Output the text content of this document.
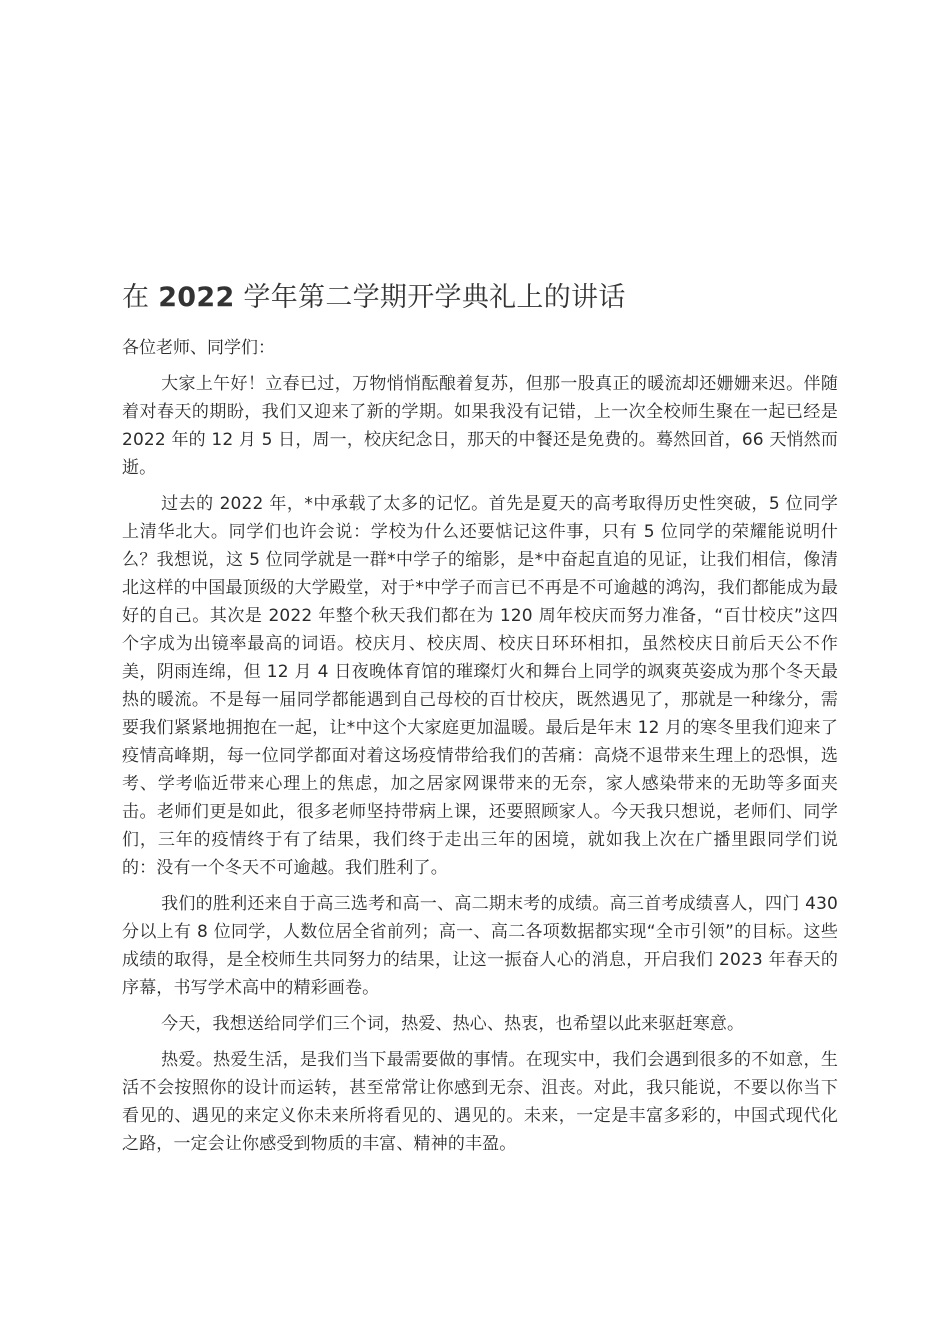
在 2022 学年第二学期开学典礼上的讲话

各位老师、同学们：

大家上午好！立春已过，万物悄悄酝酿着复苏，但那一股真正的暖流却还姗姗来迟。伴随着对春天的期盼，我们又迎来了新的学期。如果我没有记错，上一次全校师生聚在一起已经是 2022 年的 12 月 5 日，周一，校庆纪念日，那天的中餐还是免费的。蓦然回首，66 天悄然而逝。

过去的 2022 年，*中承载了太多的记忆。首先是夏天的高考取得历史性突破，5 位同学上清华北大。同学们也许会说：学校为什么还要惦记这件事，只有 5 位同学的荣耀能说明什么？我想说，这 5 位同学就是一群*中学子的缩影，是*中奋起直追的见证，让我们相信，像清北这样的中国最顶级的大学殿堂，对于*中学子而言已不再是不可逾越的鸿沟，我们都能成为最好的自己。其次是 2022 年整个秋天我们都在为 120 周年校庆而努力准备，“百廿校庆”这四个字成为出镜率最高的词语。校庆月、校庆周、校庆日环环相扣，虽然校庆日前后天公不作美，阴雨连绵，但 12 月 4 日夜晚体育馆的璀璨灯火和舞台上同学的飒爽英姿成为那个冬天最热的暖流。不是每一届同学都能遇到自己母校的百廿校庆，既然遇见了，那就是一种缘分，需要我们紧紧地拥抱在一起，让*中这个大家庭更加温暖。最后是年末 12 月的寒冬里我们迎来了疫情高峰期，每一位同学都面对着这场疫情带给我们的苦痛：高烧不退带来生理上的恐惧，选考、学考临近带来心理上的焦虑，加之居家网课带来的无奈，家人感染带来的无助等多面夹击。老师们更是如此，很多老师坚持带病上课，还要照顾家人。今天我只想说，老师们、同学们，三年的疫情终于有了结果，我们终于走出三年的困境，就如我上次在广播里跟同学们说的：没有一个冬天不可逾越。我们胜利了。

我们的胜利还来自于高三选考和高一、高二期末考的成绩。高三首考成绩喜人，四门 430 分以上有 8 位同学，人数位居全省前列；高一、高二各项数据都实现“全市引领”的目标。这些成绩的取得，是全校师生共同努力的结果，让这一振奋人心的消息，开启我们 2023 年春天的序幕，书写学术高中的精彩画卷。

今天，我想送给同学们三个词，热爱、热心、热衷，也希望以此来驱赶寒意。

热爱。热爱生活，是我们当下最需要做的事情。在现实中，我们会遇到很多的不如意，生活不会按照你的设计而运转，甚至常常让你感到无奈、沮丧。对此，我只能说，不要以你当下看见的、遇见的来定义你未来所将看见的、遇见的。未来，一定是丰富多彩的，中国式现代化之路，一定会让你感受到物质的丰富、精神的丰盈。
